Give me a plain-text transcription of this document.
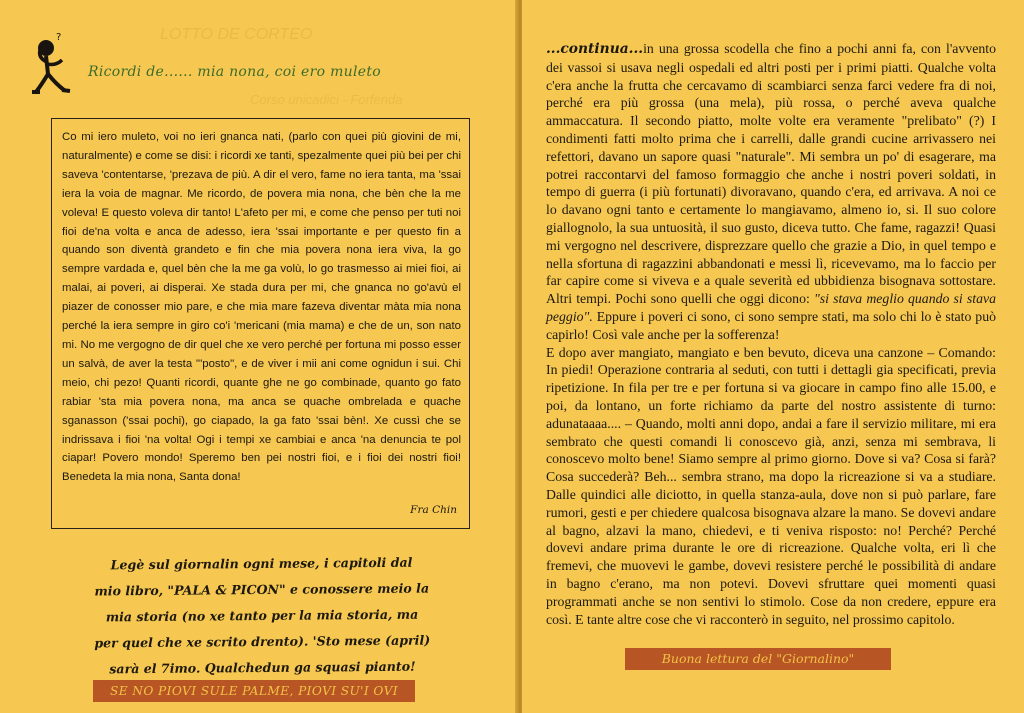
LOTTO DE CORTEO
Corso unicadici - Forfenda
?
Ricordi de...... mia nona, coi ero muleto
Co mi iero muleto, voi no ieri gnanca nati, (parlo con quei più giovini de mi, naturalmente) e come se disi: i ricordi xe tanti, spezalmente quei più bei per chi saveva 'contentarse, 'prezava de più. A dir el vero, fame no iera tanta, ma 'ssai iera la voia de magnar. Me ricordo, de povera mia nona, che bèn che la me voleva! E questo voleva dir tanto! L'afeto per mi, e come che penso per tuti noi fioi de'na volta e anca de adesso, iera 'ssai importante e per questo fin a quando son diventà grandeto e fin che mia povera nona iera viva, la go sempre vardada e, quel bèn che la me ga volù, lo go trasmesso ai miei fioi, ai malai, ai poveri, ai disperai. Xe stada dura per mi, che gnanca no go'avù el piazer de conosser mio pare, e che mia mare fazeva diventar màta mia nona perché la iera sempre in giro co'i 'mericani (mia mama) e che de un, son nato mi. No me vergogno de dir quel che xe vero perché per fortuna mi posso esser un salvà, de aver la testa "'posto", e de viver i mii ani come ognidun i sui. Chi meio, chi pezo! Quanti ricordi, quante ghe ne go combinade, quanto go fato rabiar 'sta mia povera nona, ma anca se quache ombrelada e quache sganasson ('ssai pochi), go ciapado, la ga fato 'ssai bèn!. Xe cussì che se indrissava i fioi 'na volta! Ogi i tempi xe cambiai e anca 'na denuncia te pol ciapar! Povero mondo! Speremo ben pei nostri fioi, e i fioi dei nostri fioi! Benedeta la mia nona, Santa dona!
Fra Chin
Legè sul giornalin ogni mese, i capitoli dal
mio libro, "PALA & PICON" e conossere meio la
mia storia (no xe tanto per la mia storia, ma
per quel che xe scrito drento). 'Sto mese (april)
sarà el 7imo. Qualchedun ga squasi pianto!
SE NO PIOVI SULE PALME, PIOVI SU'I OVI

...continua...in una grossa scodella che fino a pochi anni fa, con l'avvento dei vassoi si usava negli ospedali ed altri posti per i primi piatti. Qualche volta c'era anche la frutta che cercavamo di scambiarci senza farci vedere fra di noi, perché era più grossa (una mela), più rossa, o perché aveva qualche ammaccatura. Il secondo piatto, molte volte era veramente "prelibato" (?) I condimenti fatti molto prima che i carrelli, dalle grandi cucine arrivassero nei refettori, davano un sapore quasi "naturale". Mi sembra un po' di esagerare, ma potrei raccontarvi del famoso formaggio che anche i nostri poveri soldati, in tempo di guerra (i più fortunati) divoravano, quando c'era, ed arrivava. A noi ce lo davano ogni tanto e certamente lo mangiavamo, almeno io, si. Il suo colore giallognolo, la sua untuosità, il suo gusto, diceva tutto. Che fame, ragazzi! Quasi mi vergogno nel descrivere, disprezzare quello che grazie a Dio, in quel tempo e nella sfortuna di ragazzini abbandonati e messi lì, ricevevamo, ma lo faccio per far capire come si viveva e a quale severità ed ubbidienza bisognava sottostare. Altri tempi. Pochi sono quelli che oggi dicono: "si stava meglio quando si stava peggio". Eppure i poveri ci sono, ci sono sempre stati, ma solo chi lo è stato può capirlo! Così vale anche per la sofferenza!

E dopo aver mangiato, mangiato e ben bevuto, diceva una canzone – Comando: In piedi! Operazione contraria al seduti, con tutti i dettagli gia specificati, previa ripetizione. In fila per tre e per fortuna si va giocare in campo fino alle 15.00, e poi, da lontano, un forte richiamo da parte del nostro assistente di turno: adunataaaa.... – Quando, molti anni dopo, andai a fare il servizio militare, mi era sembrato che questi comandi li conoscevo già, anzi, senza mi sembrava, li conoscevo molto bene! Siamo sempre al primo giorno. Dove si va? Cosa si farà? Cosa succederà? Beh... sembra strano, ma dopo la ricreazione si va a studiare. Dalle quindici alle diciotto, in quella stanza-aula, dove non si può parlare, fare rumori, gesti e per chiedere qualcosa bisognava alzare la mano. Se dovevi andare al bagno, alzavi la mano, chiedevi, e ti veniva risposto: no! Perché? Perché dovevi andare prima durante le ore di ricreazione. Qualche volta, eri lì che fremevi, che muovevi le gambe, dovevi resistere perché le possibilità di andare in bagno c'erano, ma non potevi. Dovevi sfruttare quei momenti quasi programmati anche se non sentivi lo stimolo. Cose da non credere, eppure era così. E tante altre cose che vi racconterò in seguito, nel prossimo capitolo.

Buona lettura del "Giornalino"
